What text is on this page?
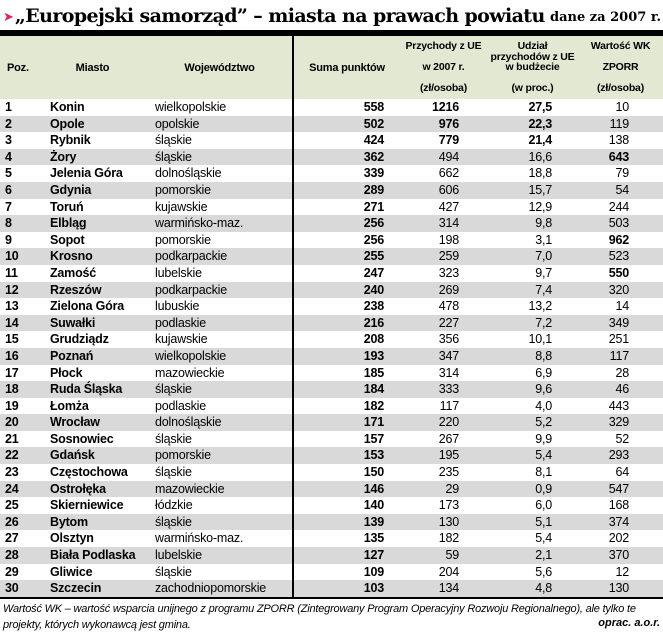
➤ „Europejski samorząd” – miasta na prawach powiatu dane za 2007 r.
Poz.	Miasto	Województwo	Suma punktów
Przychody z UE
w 2007 r.
(zł/osoba)
Udział
przychodów z UE
w budżecie
(w proc.)
Wartość WK
ZPORR
(zł/osoba)
1	Konin	wielkopolskie	558	1216	27,5	10
2	Opole	opolskie	502	976	22,3	119
3	Rybnik	śląskie	424	779	21,4	138
4	Żory	śląskie	362	494	16,6	643
5	Jelenia Góra	dolnośląskie	339	662	18,8	79
6	Gdynia	pomorskie	289	606	15,7	54
7	Toruń	kujawskie	271	427	12,9	244
8	Elbląg	warmińsko-maz.	256	314	9,8	503
9	Sopot	pomorskie	256	198	3,1	962
10	Krosno	podkarpackie	255	259	7,0	523
11	Zamość	lubelskie	247	323	9,7	550
12	Rzeszów	podkarpackie	240	269	7,4	320
13	Zielona Góra	lubuskie	238	478	13,2	14
14	Suwałki	podlaskie	216	227	7,2	349
15	Grudziądz	kujawskie	208	356	10,1	251
16	Poznań	wielkopolskie	193	347	8,8	117
17	Płock	mazowieckie	185	314	6,9	28
18	Ruda Śląska	śląskie	184	333	9,6	46
19	Łomża	podlaskie	182	117	4,0	443
20	Wrocław	dolnośląskie	171	220	5,2	329
21	Sosnowiec	śląskie	157	267	9,9	52
22	Gdańsk	pomorskie	153	195	5,4	293
23	Częstochowa	śląskie	150	235	8,1	64
24	Ostrołęka	mazowieckie	146	29	0,9	547
25	Skierniewice	łódzkie	140	173	6,0	168
26	Bytom	śląskie	139	130	5,1	374
27	Olsztyn	warmińsko-maz.	135	182	5,4	202
28	Biała Podlaska	lubelskie	127	59	2,1	370
29	Gliwice	śląskie	109	204	5,6	12
30	Szczecin	zachodniopomorskie	103	134	4,8	130
Wartość WK – wartość wsparcia unijnego z programu ZPORR (Zintegrowany Program Operacyjny Rozwoju Regionalnego), ale tylko te projekty, których wykonawcą jest gmina.	oprac. a.o.r.
